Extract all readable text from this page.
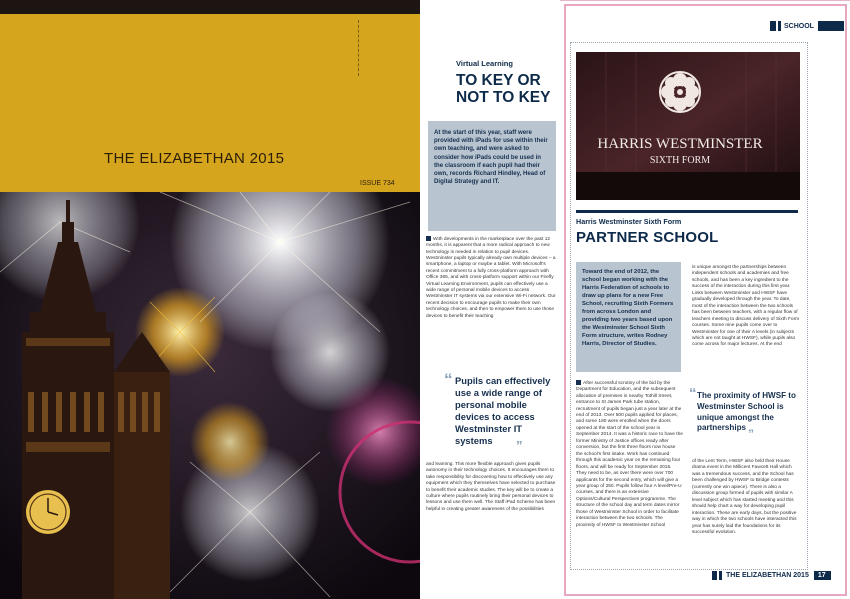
THE ELIZABETHAN 2015
ISSUE 734
SCHOOL
Virtual Learning
TO KEY OR NOT TO KEY
At the start of this year, staff were provided with iPads for use within their own teaching, and were asked to consider how iPads could be used in the classroom if each pupil had their own, records Richard Hindley, Head of Digital Strategy and IT.
With developments in the marketplace over the past 12 months, it is apparent that a more radical approach to new technology is needed in relation to pupil devices. Westminster pupils typically already own multiple devices – a smartphone, a laptop or maybe a tablet. With Microsoft's recent commitment to a fully cross-platform approach with Office 365, and with cross-platform support within our Firefly Virtual Learning Environment, pupils can effectively use a wide range of personal mobile devices to access Westminster IT systems via our extensive Wi-Fi network. Our recent decision to encourage pupils to make their own technology choices, and then to empower them to use those devices to benefit their teaching
“ Pupils can effectively use a wide range of personal mobile devices to access Westminster IT systems	”
and learning. This more flexible approach gives pupils autonomy in their technology choices. It encourages them to take responsibility for discovering how to effectively use any equipment which they themselves have selected to purchase to benefit their academic studies. The key will be to create a culture where pupils routinely bring their personal devices to lessons and use them well. The Staff iPad Scheme has been helpful in creating greater awareness of the possibilities
HARRIS WESTMINSTER
SIXTH FORM
Harris Westminster Sixth Form
PARTNER SCHOOL
Toward the end of 2012, the school began working with the Harris Federation of schools to draw up plans for a new Free School, recruiting Sixth Formers from across London and providing two years based upon the Westminster School Sixth Form structure, writes Rodney Harris, Director of Studies.
After successful scrutiny of the bid by the Department for Education, and the subsequent allocation of premises in nearby Tothill Street, entrance to St James Park tube station, recruitment of pupils began just a year later at the end of 2013. Over 500 pupils applied for places, and some 180 were enrolled when the doors opened at the start of the school year in September 2014. It was a historic race to have the former Ministry of Justice offices ready after conversion, but the first three floors now house the school's first intake. Work has continued through this academic year on the remaining four floors, and will be ready for September 2015. They need to be, as over there were over 700 applicants for the second entry, which will give a year group of 250. Pupils follow four A level/Pre-U courses, and there is an extensive Options/Cultural Perspectives programme. The structure of the school day and term dates mirror those of Westminster School in order to facilitate interaction between the two schools. The proximity of HWSF to Westminster School
is unique amongst the partnerships between independent schools and academies and free schools, and has been a key ingredient to the success of the interaction during this first year. Links between Westminster and HWSF have gradually developed through the year. To date, most of the interaction between the two schools has been between teachers, with a regular flow of teachers meeting to discuss delivery of Sixth Form courses. Some nine pupils come over to Westminster for one of their A levels (in subjects which are not taught at HWSF), while pupils also come across for major lectures. At the end
“ The proximity of HWSF to Westminster School is unique amongst the partnerships ”
of the Lent Term, HWSF also held their House drama event in the Millicent Fawcett Hall which was a tremendous success, and the School has been challenged by HWSF to Bridge contests (currently one win apiece). There is also a discussion group formed of pupils with similar A level subject which has started meeting and this should help chart a way for developing pupil interaction. These are early days, but the positive way in which the two schools have interacted this year has surely laid the foundations for its successful evolution.
THE ELIZABETHAN 2015	17
